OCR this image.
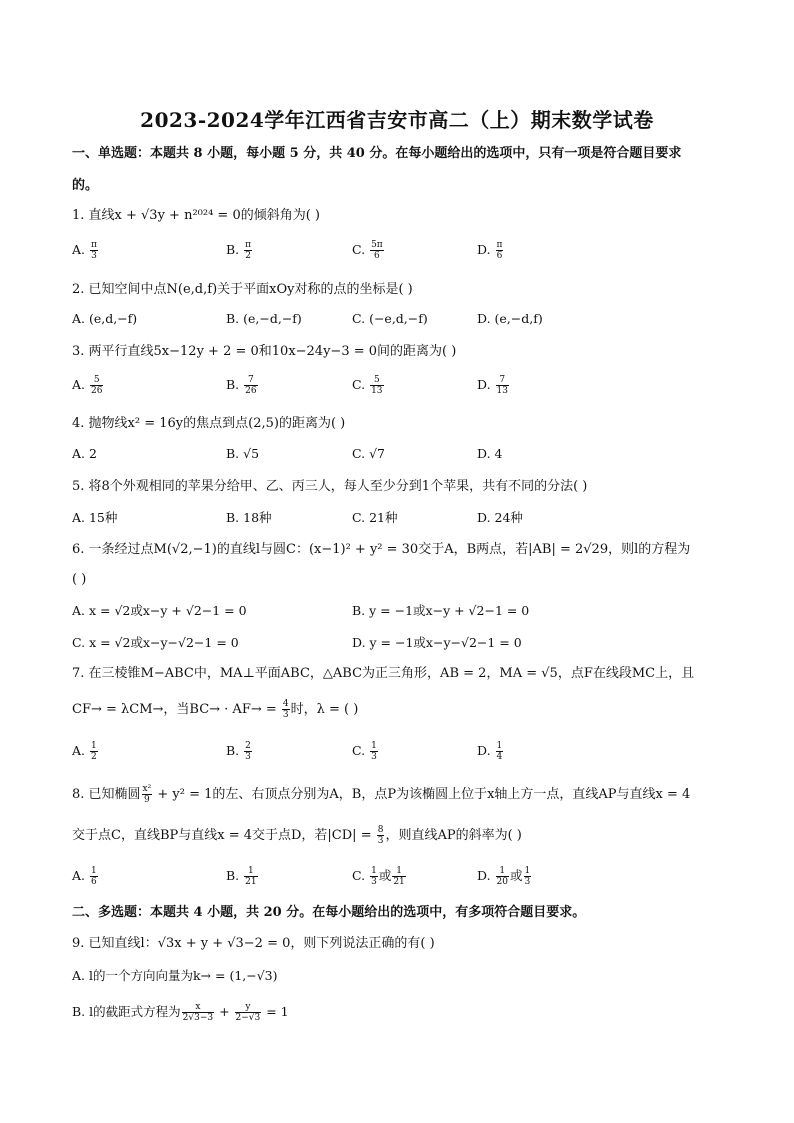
2023-2024学年江西省吉安市高二（上）期末数学试卷
一、单选题：本题共 8 小题，每小题 5 分，共 40 分。在每小题给出的选项中，只有一项是符合题目要求
的。
1. 直线x + √3y + n²⁰²⁴ = 0的倾斜角为( )
A. $\frac{\pi}{3}$	B. $\frac{\pi}{2}$	C. $\frac{5\pi}{6}$	D. $\frac{\pi}{6}$
2. 已知空间中点N(e,d,f)关于平面xOy对称的点的坐标是( )
A. (e,d,−f)	B. (e,−d,−f)	C. (−e,d,−f)	D. (e,−d,f)
3. 两平行直线5x−12y + 2 = 0和10x−24y−3 = 0间的距离为( )
A. $\frac{5}{26}$	B. $\frac{7}{26}$	C. $\frac{5}{13}$	D. $\frac{7}{13}$
4. 抛物线x² = 16y的焦点到点(2,5)的距离为( )
A. 2	B. √5	C. √7	D. 4
5. 将8个外观相同的苹果分给甲、乙、丙三人，每人至少分到1个苹果，共有不同的分法( )
A. 15种	B. 18种	C. 21种	D. 24种
6. 一条经过点M(√2,−1)的直线l与圆C：(x−1)² + y² = 30交于A，B两点，若|AB| = 2√29，则l的方程为
( )
A. x = √2或x−y + √2−1 = 0	B. y = −1或x−y + √2−1 = 0
C. x = √2或x−y−√2−1 = 0	D. y = −1或x−y−√2−1 = 0
7. 在三棱锥M−ABC中，MA⊥平面ABC，△ABC为正三角形，AB = 2，MA = √5，点F在线段MC上，且
CF→ = λCM→，当$BC\to \cdot AF\to = \frac{4}{3}$ 时，λ = ( )
A. $\frac{1}{2}$	B. $\frac{2}{3}$	C. $\frac{1}{3}$	D. $\frac{1}{4}$
8. 已知椭圆 $\frac{\text{x²}}{9} + y^2 = 1$的左、右顶点分别为A，B，点P为该椭圆上位于x轴上方一点，直线AP与直线x = 4
交于点C，直线BP与直线x = 4交于点D，若$|CD| = \frac{8}{3}$ ，则直线AP的斜率为( )
A. $\frac{1}{6}$	B. $\frac{1}{21}$	C. $\frac{1}{3}$ 或 $\frac{1}{21}$	D. $\frac{1}{20}$ 或 $\frac{1}{3}$
二、多选题：本题共 4 小题，共 20 分。在每小题给出的选项中，有多项符合题目要求。
9. 已知直线l：√3x + y + √3−2 = 0，则下列说法正确的有( )
A. l的一个方向向量为k→ = (1,−√3)
B. l的截距式方程为 $\frac{x}{2√3-3} + \frac{y}{2-√3} = 1$
